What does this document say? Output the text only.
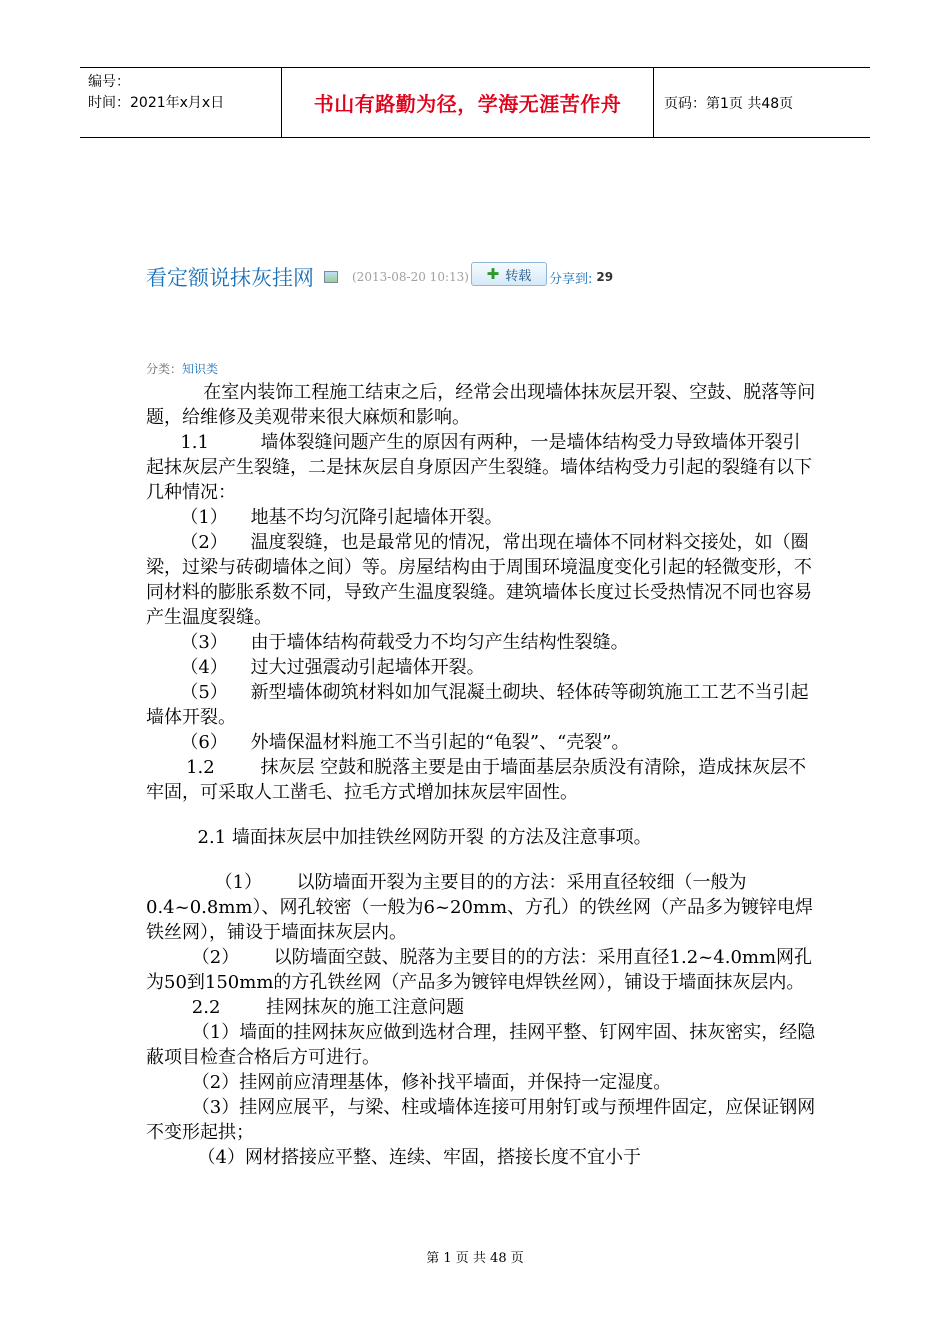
编号：
时间：2021年x月x日	书山有路勤为径，学海无涯苦作舟	页码：第1页 共48页
看定额说抹灰挂网	(2013-08-20 10:13) ✚ 转载 分享到: 29
分类：知识类

在室内装饰工程施工结束之后，经常会出现墙体抹灰层开裂、空鼓、脱落等问题，给维修及美观带来很大麻烦和影响。

1.1         墙体裂缝问题产生的原因有两种，一是墙体结构受力导致墙体开裂引起抹灰层产生裂缝，二是抹灰层自身原因产生裂缝。墙体结构受力引起的裂缝有以下几种情况：

（1）    地基不均匀沉降引起墙体开裂。

（2）    温度裂缝，也是最常见的情况，常出现在墙体不同材料交接处，如（圈梁，过梁与砖砌墙体之间）等。房屋结构由于周围环境温度变化引起的轻微变形，不同材料的膨胀系数不同，导致产生温度裂缝。建筑墙体长度过长受热情况不同也容易产生温度裂缝。

（3）    由于墙体结构荷载受力不均匀产生结构性裂缝。

（4）    过大过强震动引起墙体开裂。

（5）    新型墙体砌筑材料如加气混凝土砌块、轻体砖等砌筑施工工艺不当引起墙体开裂。

（6）    外墙保温材料施工不当引起的“龟裂”、“壳裂”。

1.2        抹灰层 空鼓和脱落主要是由于墙面基层杂质没有清除，造成抹灰层不牢固，可采取人工凿毛、拉毛方式增加抹灰层牢固性。

2.1 墙面抹灰层中加挂铁丝网防开裂 的方法及注意事项。

（1）      以防墙面开裂为主要目的的方法：采用直径较细（一般为0.4~0.8mm）、网孔较密（一般为6~20mm、方孔）的铁丝网（产品多为镀锌电焊铁丝网），铺设于墙面抹灰层内。

（2）      以防墙面空鼓、脱落为主要目的的方法：采用直径1.2~4.0mm网孔为50到150mm的方孔铁丝网（产品多为镀锌电焊铁丝网），铺设于墙面抹灰层内。

2.2        挂网抹灰的施工注意问题

（1）墙面的挂网抹灰应做到选材合理，挂网平整、钉网牢固、抹灰密实，经隐蔽项目检查合格后方可进行。

（2）挂网前应清理基体，修补找平墙面，并保持一定湿度。

（3）挂网应展平，与梁、柱或墙体连接可用射钉或与预埋件固定，应保证钢网不变形起拱；

（4）网材搭接应平整、连续、牢固，搭接长度不宜小于

第 1 页 共 48 页
